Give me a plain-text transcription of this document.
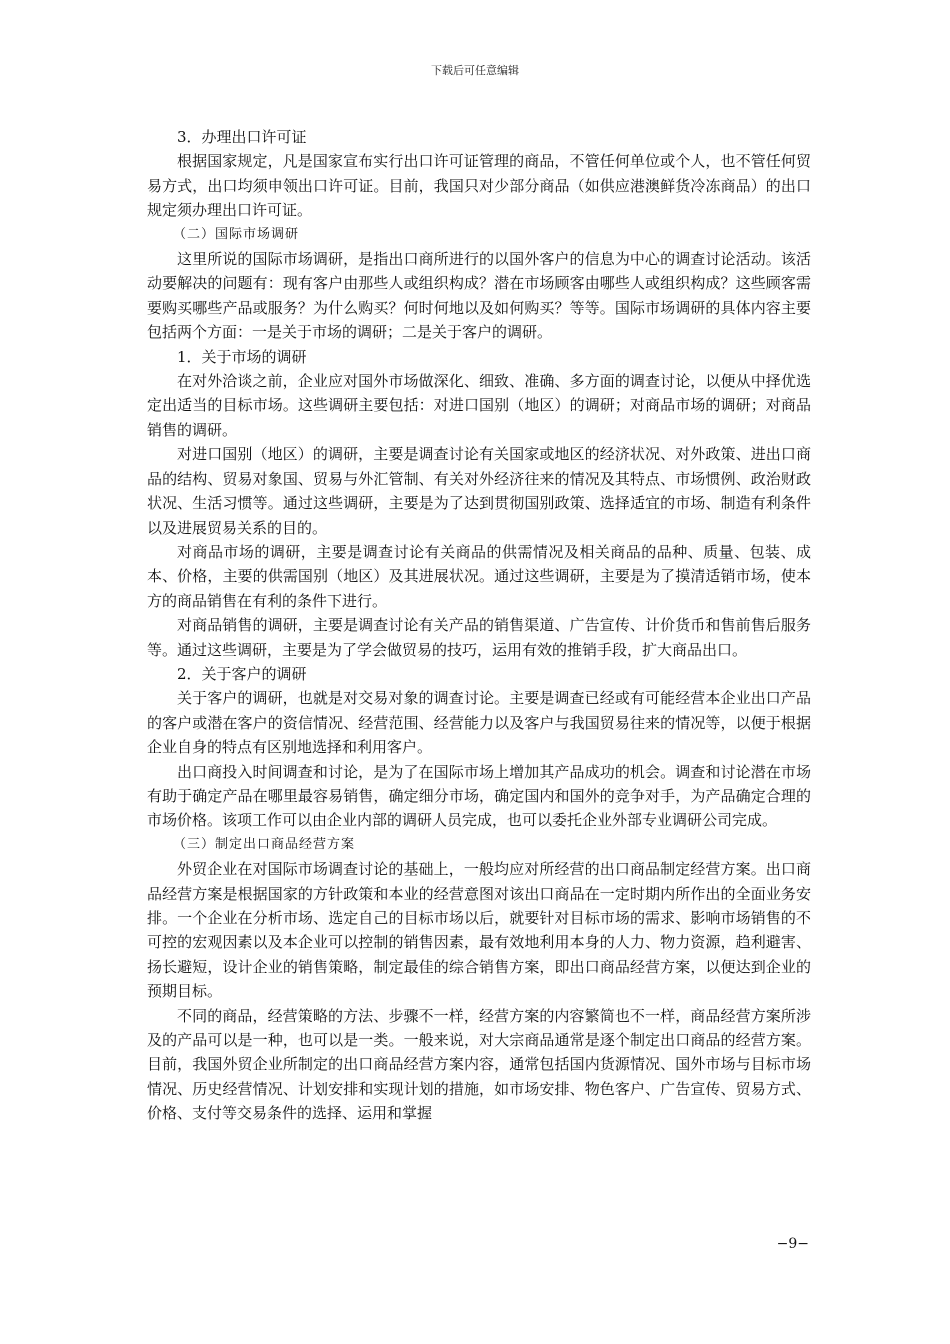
下载后可任意编辑

3．办理出口许可证

根据国家规定，凡是国家宣布实行出口许可证管理的商品，不管任何单位或个人，也不管任何贸易方式，出口均须申领出口许可证。目前，我国只对少部分商品（如供应港澳鲜货冷冻商品）的出口规定须办理出口许可证。

（二）国际市场调研

这里所说的国际市场调研，是指出口商所进行的以国外客户的信息为中心的调查讨论活动。该活动要解决的问题有：现有客户由那些人或组织构成？潜在市场顾客由哪些人或组织构成？这些顾客需要购买哪些产品或服务？为什么购买？何时何地以及如何购买？等等。国际市场调研的具体内容主要包括两个方面：一是关于市场的调研；二是关于客户的调研。

1．关于市场的调研

在对外洽谈之前，企业应对国外市场做深化、细致、准确、多方面的调查讨论，以便从中择优选定出适当的目标市场。这些调研主要包括：对进口国别（地区）的调研；对商品市场的调研；对商品销售的调研。

对进口国别（地区）的调研，主要是调查讨论有关国家或地区的经济状况、对外政策、进出口商品的结构、贸易对象国、贸易与外汇管制、有关对外经济往来的情况及其特点、市场惯例、政治财政状况、生活习惯等。通过这些调研，主要是为了达到贯彻国别政策、选择适宜的市场、制造有利条件以及进展贸易关系的目的。

对商品市场的调研，主要是调查讨论有关商品的供需情况及相关商品的品种、质量、包装、成本、价格，主要的供需国别（地区）及其进展状况。通过这些调研，主要是为了摸清适销市场，使本方的商品销售在有利的条件下进行。

对商品销售的调研，主要是调查讨论有关产品的销售渠道、广告宣传、计价货币和售前售后服务等。通过这些调研，主要是为了学会做贸易的技巧，运用有效的推销手段，扩大商品出口。

2．关于客户的调研

关于客户的调研，也就是对交易对象的调查讨论。主要是调查已经或有可能经营本企业出口产品的客户或潜在客户的资信情况、经营范围、经营能力以及客户与我国贸易往来的情况等，以便于根据企业自身的特点有区别地选择和利用客户。

出口商投入时间调查和讨论，是为了在国际市场上增加其产品成功的机会。调查和讨论潜在市场有助于确定产品在哪里最容易销售，确定细分市场，确定国内和国外的竞争对手，为产品确定合理的市场价格。该项工作可以由企业内部的调研人员完成，也可以委托企业外部专业调研公司完成。

（三）制定出口商品经营方案

外贸企业在对国际市场调查讨论的基础上，一般均应对所经营的出口商品制定经营方案。出口商品经营方案是根据国家的方针政策和本业的经营意图对该出口商品在一定时期内所作出的全面业务安排。一个企业在分析市场、选定自己的目标市场以后，就要针对目标市场的需求、影响市场销售的不可控的宏观因素以及本企业可以控制的销售因素，最有效地利用本身的人力、物力资源，趋利避害、扬长避短，设计企业的销售策略，制定最佳的综合销售方案，即出口商品经营方案，以便达到企业的预期目标。

不同的商品，经营策略的方法、步骤不一样，经营方案的内容繁简也不一样，商品经营方案所涉及的产品可以是一种，也可以是一类。一般来说，对大宗商品通常是逐个制定出口商品的经营方案。目前，我国外贸企业所制定的出口商品经营方案内容，通常包括国内货源情况、国外市场与目标市场情况、历史经营情况、计划安排和实现计划的措施，如市场安排、物色客户、广告宣传、贸易方式、价格、支付等交易条件的选择、运用和掌握

−9−
